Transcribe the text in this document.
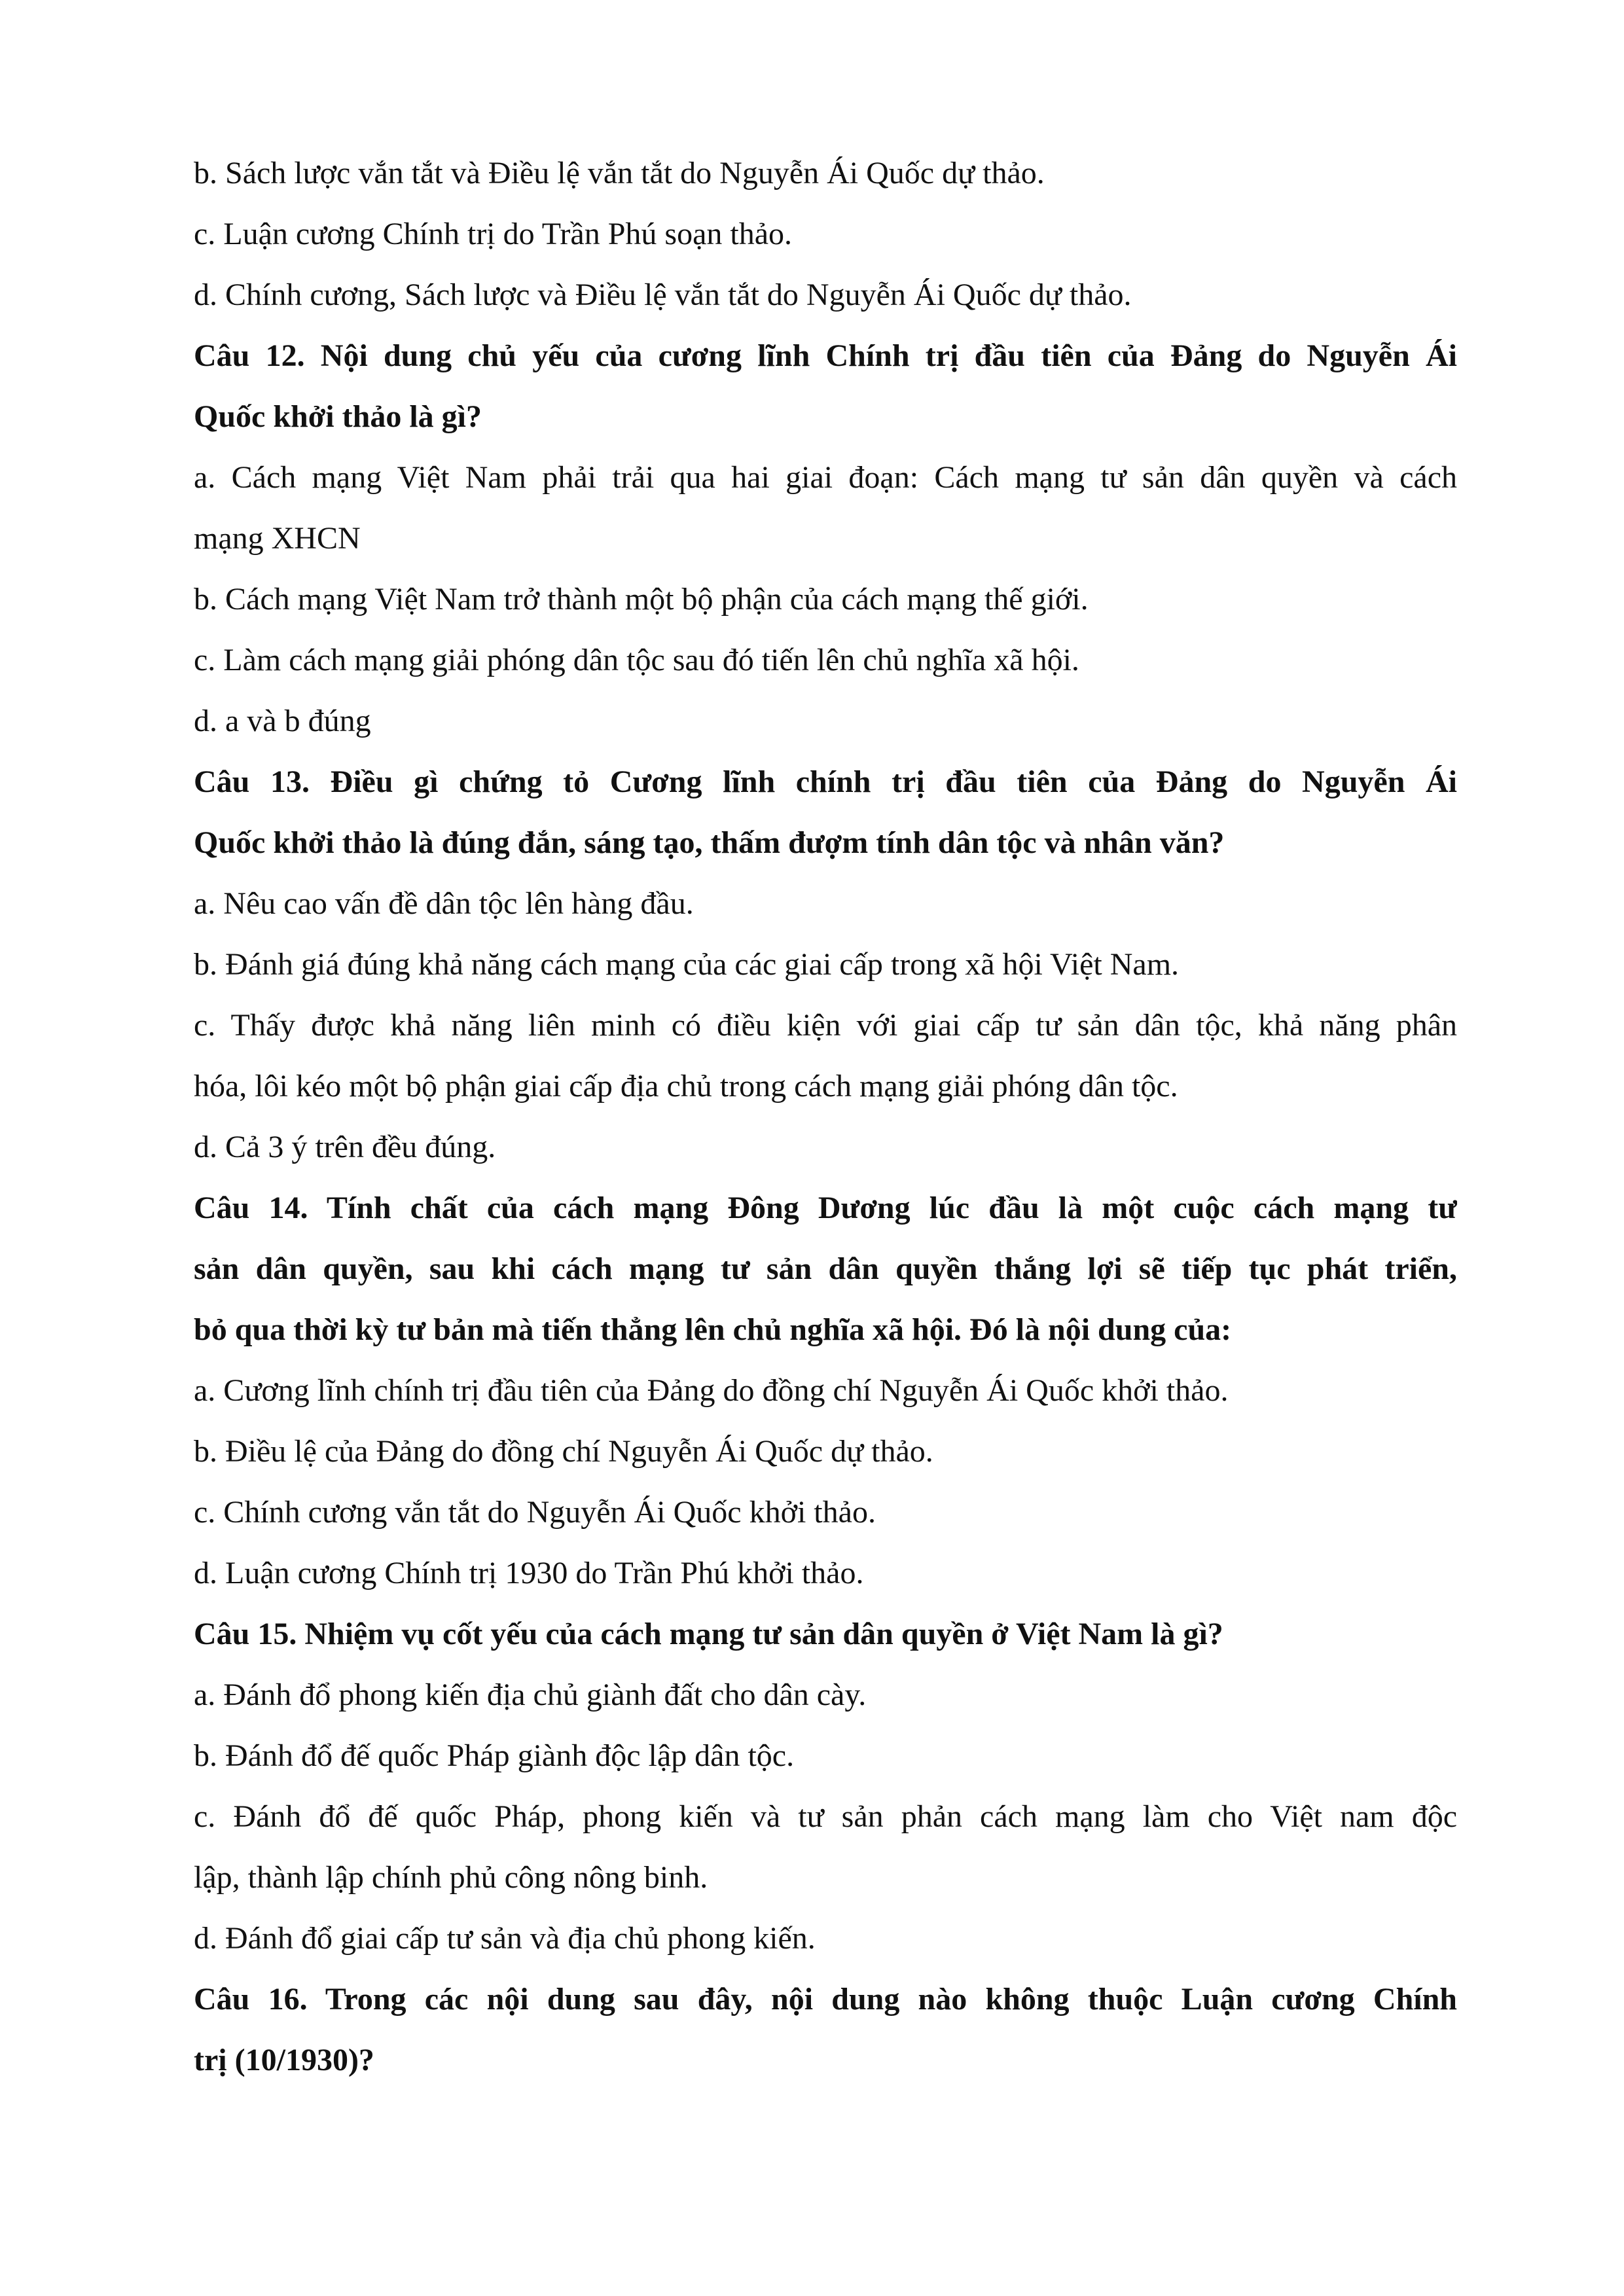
b. Sách lược vắn tắt và Điều lệ vắn tắt do Nguyễn Ái Quốc dự thảo.

c. Luận cương Chính trị do Trần Phú soạn thảo.

d. Chính cương, Sách lược và Điều lệ vắn tắt do Nguyễn Ái Quốc dự thảo.

Câu 12. Nội dung chủ yếu của cương lĩnh Chính trị đầu tiên của Đảng do Nguyễn Ái

Quốc khởi thảo là gì?

a. Cách mạng Việt Nam phải trải qua hai giai đoạn: Cách mạng tư sản dân quyền và cách

mạng XHCN

b. Cách mạng Việt Nam trở thành một bộ phận của cách mạng thế giới.

c. Làm cách mạng giải phóng dân tộc sau đó tiến lên chủ nghĩa xã hội.

d. a và b đúng

Câu 13. Điều gì chứng tỏ Cương lĩnh chính trị đầu tiên của Đảng do Nguyễn Ái

Quốc khởi thảo là đúng đắn, sáng tạo, thấm đượm tính dân tộc và nhân văn?

a. Nêu cao vấn đề dân tộc lên hàng đầu.

b. Đánh giá đúng khả năng cách mạng của các giai cấp trong xã hội Việt Nam.

c. Thấy được khả năng liên minh có điều kiện với giai cấp tư sản dân tộc, khả năng phân

hóa, lôi kéo một bộ phận giai cấp địa chủ trong cách mạng giải phóng dân tộc.

d. Cả 3 ý trên đều đúng.

Câu 14. Tính chất của cách mạng Đông Dương lúc đầu là một cuộc cách mạng tư

sản dân quyền, sau khi cách mạng tư sản dân quyền thắng lợi sẽ tiếp tục phát triển,

bỏ qua thời kỳ tư bản mà tiến thẳng lên chủ nghĩa xã hội. Đó là nội dung của:

a. Cương lĩnh chính trị đầu tiên của Đảng do đồng chí Nguyễn Ái Quốc khởi thảo.

b. Điều lệ của Đảng do đồng chí Nguyễn Ái Quốc dự thảo.

c. Chính cương vắn tắt do Nguyễn Ái Quốc khởi thảo.

d. Luận cương Chính trị 1930 do Trần Phú khởi thảo.

Câu 15. Nhiệm vụ cốt yếu của cách mạng tư sản dân quyền ở Việt Nam là gì?

a. Đánh đổ phong kiến địa chủ giành đất cho dân cày.

b. Đánh đổ đế quốc Pháp giành độc lập dân tộc.

c. Đánh đổ đế quốc Pháp, phong kiến và tư sản phản cách mạng làm cho Việt nam độc

lập, thành lập chính phủ công nông binh.

d. Đánh đổ giai cấp tư sản và địa chủ phong kiến.

Câu 16. Trong các nội dung sau đây, nội dung nào không thuộc Luận cương Chính

trị (10/1930)?
